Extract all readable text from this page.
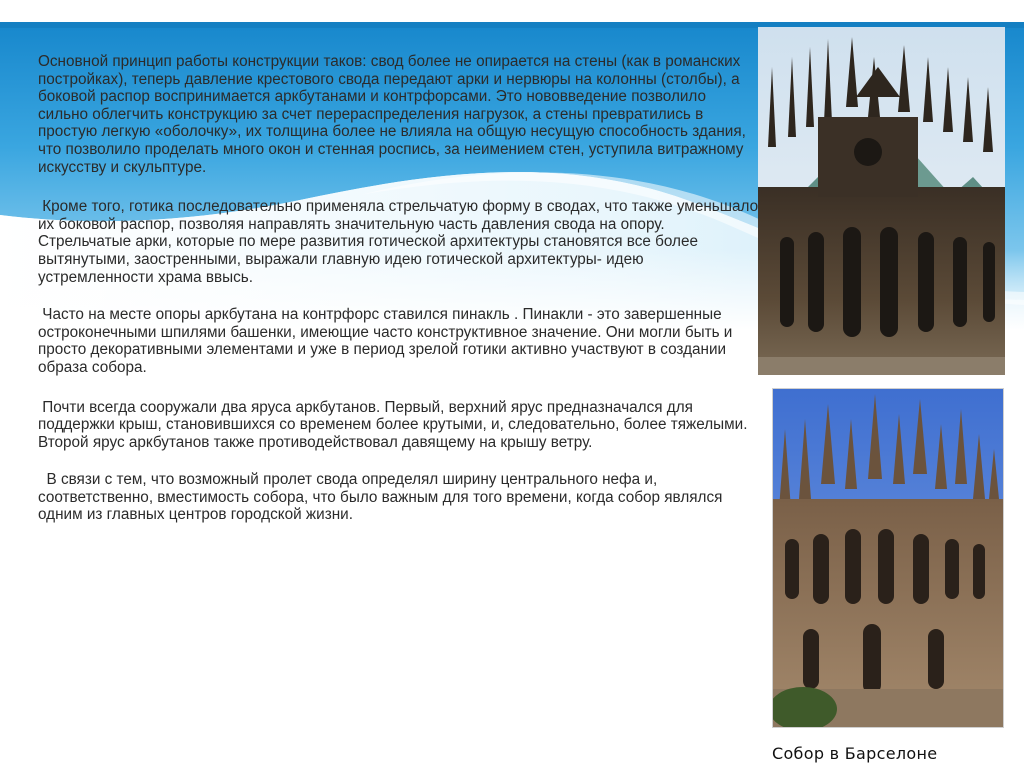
Основной принцип работы конструкции таков: свод более не опирается на стены (как в романских постройках), теперь давление крестового свода передают арки и нервюры на колонны (столбы), а боковой распор воспринимается аркбутанами и контрфорсами. Это нововведение позволило сильно облегчить конструкцию за счет перераспределения нагрузок, а стены превратились в простую легкую «оболочку», их толщина более не влияла на общую несущую способность здания, что позволило проделать много окон и стенная роспись, за неимением стен, уступила витражному искусству и скульптуре.

Кроме того, готика последовательно применяла стрельчатую форму в сводах, что также уменьшало их боковой распор, позволяя направлять значительную часть давления свода на опору. Стрельчатые арки, которые по мере развития готической архитектуры становятся все более вытянутыми, заостренными, выражали главную идею готической архитектуры- идею устремленности храма ввысь.

Часто на месте опоры аркбутана на контрфорс ставился пинакль . Пинакли - это завершенные остроконечными шпилями башенки, имеющие часто конструктивное значение. Они могли быть и просто декоративными элементами и уже в период зрелой готики активно участвуют в создании образа собора.

Почти всегда сооружали два яруса аркбутанов. Первый, верхний ярус предназначался для поддержки крыш, становившихся со временем более крутыми, и, следовательно, более тяжелыми. Второй ярус аркбутанов также противодействовал давящему на крышу ветру.

В связи с тем, что возможный пролет свода определял ширину центрального нефа и, соответственно, вместимость собора, что было важным для того времени, когда собор являлся одним из главных центров городской жизни.

Собор в Барселоне
